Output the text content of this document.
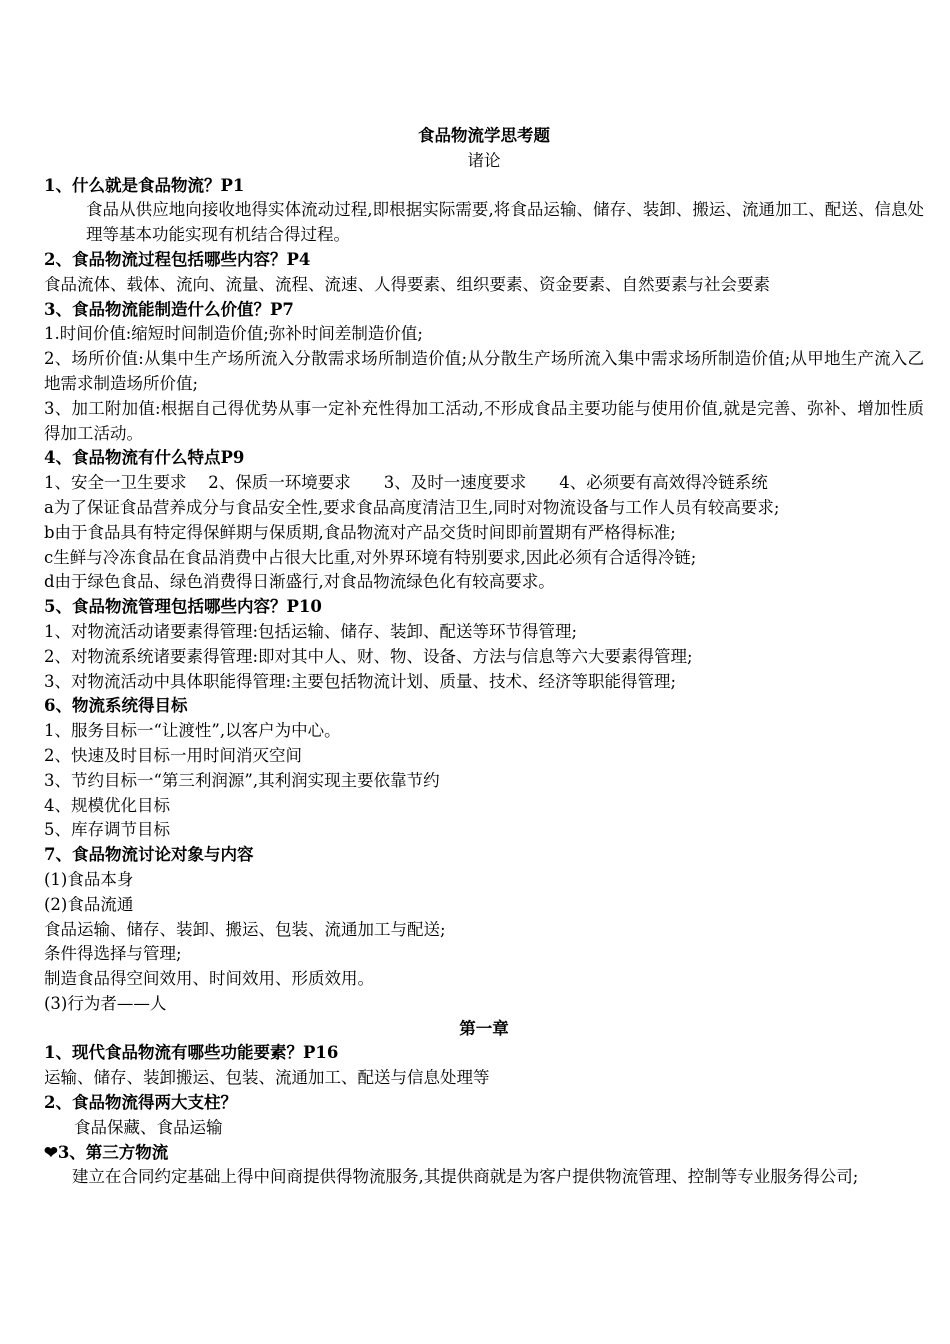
食品物流学思考题
诸论
1、什么就是食品物流？P1
食品从供应地向接收地得实体流动过程,即根据实际需要,将食品运输、储存、装卸、搬运、流通加工、配送、信息处理等基本功能实现有机结合得过程。
2、食品物流过程包括哪些内容？P4
食品流体、载体、流向、流量、流程、流速、人得要素、组织要素、资金要素、自然要素与社会要素
3、食品物流能制造什么价值？P7
1.时间价值:缩短时间制造价值;弥补时间差制造价值;
2、场所价值:从集中生产场所流入分散需求场所制造价值;从分散生产场所流入集中需求场所制造价值;从甲地生产流入乙地需求制造场所价值;
3、加工附加值:根据自己得优势从事一定补充性得加工活动,不形成食品主要功能与使用价值,就是完善、弥补、增加性质得加工活动。
4、食品物流有什么特点P9
1、安全一卫生要求　 2、保质一环境要求　　3、及时一速度要求　　4、必须要有高效得冷链系统
a为了保证食品营养成分与食品安全性,要求食品高度清洁卫生,同时对物流设备与工作人员有较高要求;
b由于食品具有特定得保鲜期与保质期,食品物流对产品交货时间即前置期有严格得标准;
c生鲜与冷冻食品在食品消费中占很大比重,对外界环境有特别要求,因此必须有合适得冷链;
d由于绿色食品、绿色消费得日渐盛行,对食品物流绿色化有较高要求。
5、食品物流管理包括哪些内容？P10
1、对物流活动诸要素得管理:包括运输、储存、装卸、配送等环节得管理;
2、对物流系统诸要素得管理:即对其中人、财、物、设备、方法与信息等六大要素得管理;
3、对物流活动中具体职能得管理:主要包括物流计划、质量、技术、经济等职能得管理;
6、物流系统得目标
1、服务目标一“让渡性”,以客户为中心。
2、快速及时目标一用时间消灭空间
3、节约目标一“第三利润源”,其利润实现主要依靠节约
4、规模优化目标
5、库存调节目标
7、食品物流讨论对象与内容
(1)食品本身
(2)食品流通
食品运输、储存、装卸、搬运、包装、流通加工与配送;
条件得选择与管理;
制造食品得空间效用、时间效用、形质效用。
(3)行为者——人
第一章
1、现代食品物流有哪些功能要素？P16
运输、储存、装卸搬运、包装、流通加工、配送与信息处理等
2、食品物流得两大支柱？
食品保藏、食品运输
❤3、第三方物流
建立在合同约定基础上得中间商提供得物流服务,其提供商就是为客户提供物流管理、控制等专业服务得公司;
